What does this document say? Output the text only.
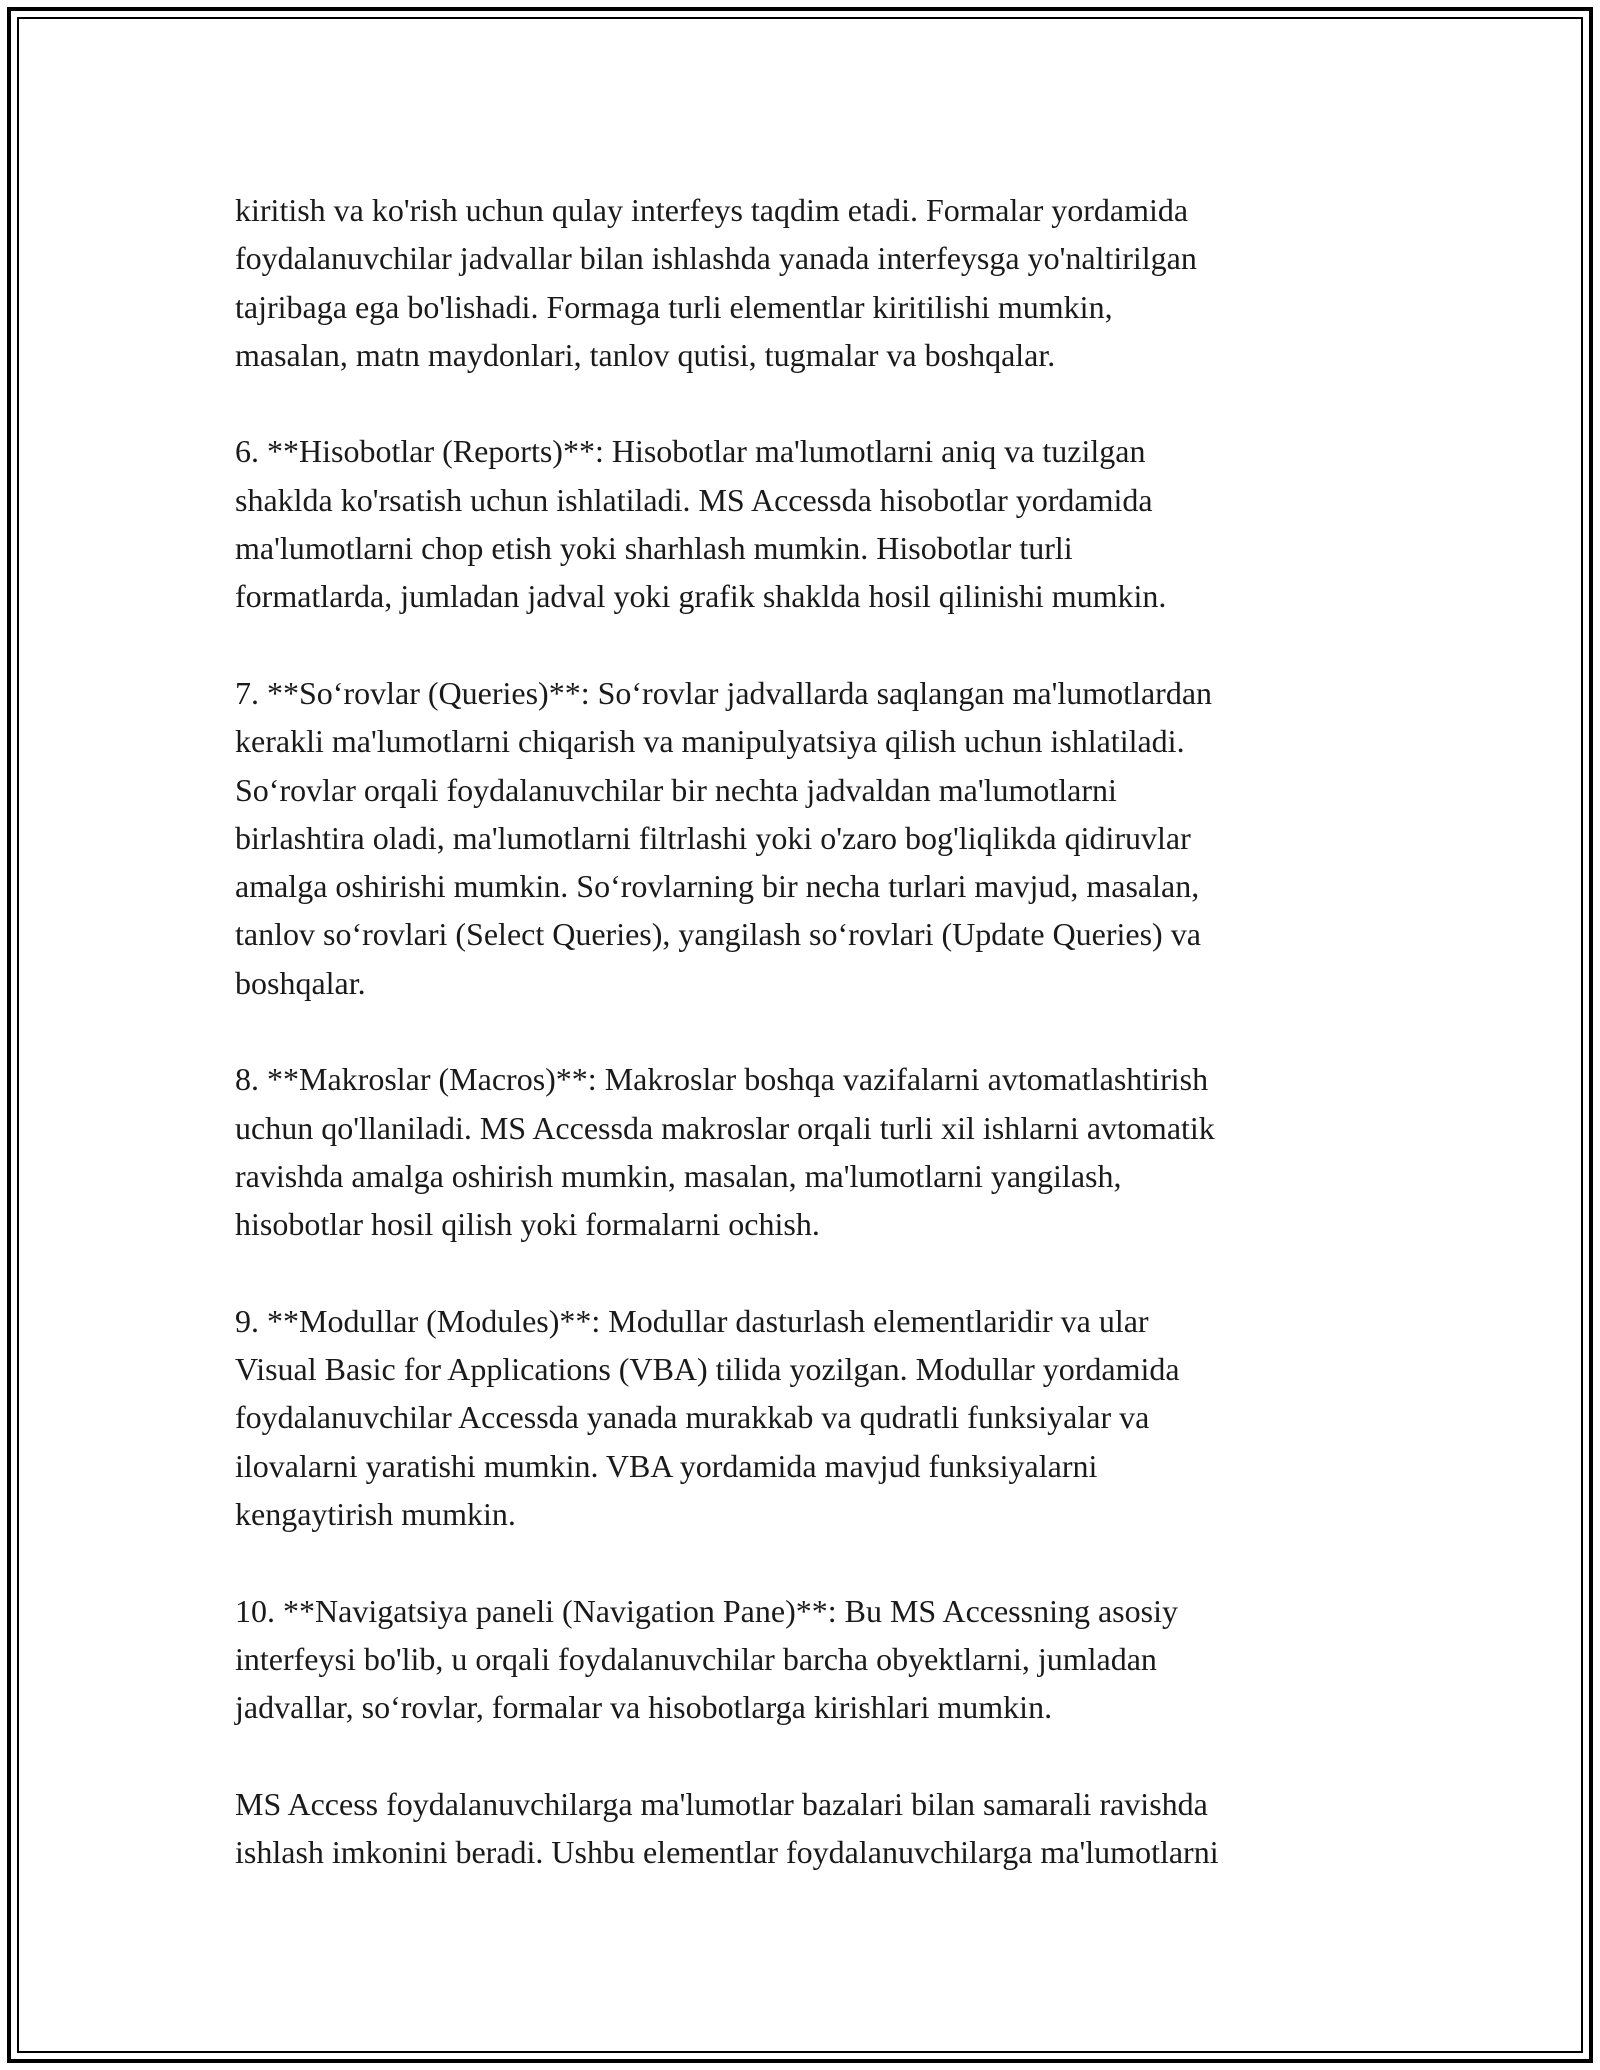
kiritish va ko'rish uchun qulay interfeys taqdim etadi. Formalar yordamida
foydalanuvchilar jadvallar bilan ishlashda yanada interfeysga yo'naltirilgan
tajribaga ega bo'lishadi. Formaga turli elementlar kiritilishi mumkin,
masalan, matn maydonlari, tanlov qutisi, tugmalar va boshqalar.

6. **Hisobotlar (Reports)**: Hisobotlar ma'lumotlarni aniq va tuzilgan
shaklda ko'rsatish uchun ishlatiladi. MS Accessda hisobotlar yordamida
ma'lumotlarni chop etish yoki sharhlash mumkin. Hisobotlar turli
formatlarda, jumladan jadval yoki grafik shaklda hosil qilinishi mumkin.

7. **So‘rovlar (Queries)**: So‘rovlar jadvallarda saqlangan ma'lumotlardan
kerakli ma'lumotlarni chiqarish va manipulyatsiya qilish uchun ishlatiladi.
So‘rovlar orqali foydalanuvchilar bir nechta jadvaldan ma'lumotlarni
birlashtira oladi, ma'lumotlarni filtrlashi yoki o'zaro bog'liqlikda qidiruvlar
amalga oshirishi mumkin. So‘rovlarning bir necha turlari mavjud, masalan,
tanlov so‘rovlari (Select Queries), yangilash so‘rovlari (Update Queries) va
boshqalar.

8. **Makroslar (Macros)**: Makroslar boshqa vazifalarni avtomatlashtirish
uchun qo'llaniladi. MS Accessda makroslar orqali turli xil ishlarni avtomatik
ravishda amalga oshirish mumkin, masalan, ma'lumotlarni yangilash,
hisobotlar hosil qilish yoki formalarni ochish.

9. **Modullar (Modules)**: Modullar dasturlash elementlaridir va ular
Visual Basic for Applications (VBA) tilida yozilgan. Modullar yordamida
foydalanuvchilar Accessda yanada murakkab va qudratli funksiyalar va
ilovalarni yaratishi mumkin. VBA yordamida mavjud funksiyalarni
kengaytirish mumkin.

10. **Navigatsiya paneli (Navigation Pane)**: Bu MS Accessning asosiy
interfeysi bo'lib, u orqali foydalanuvchilar barcha obyektlarni, jumladan
jadvallar, so‘rovlar, formalar va hisobotlarga kirishlari mumkin.

MS Access foydalanuvchilarga ma'lumotlar bazalari bilan samarali ravishda
ishlash imkonini beradi. Ushbu elementlar foydalanuvchilarga ma'lumotlarni
